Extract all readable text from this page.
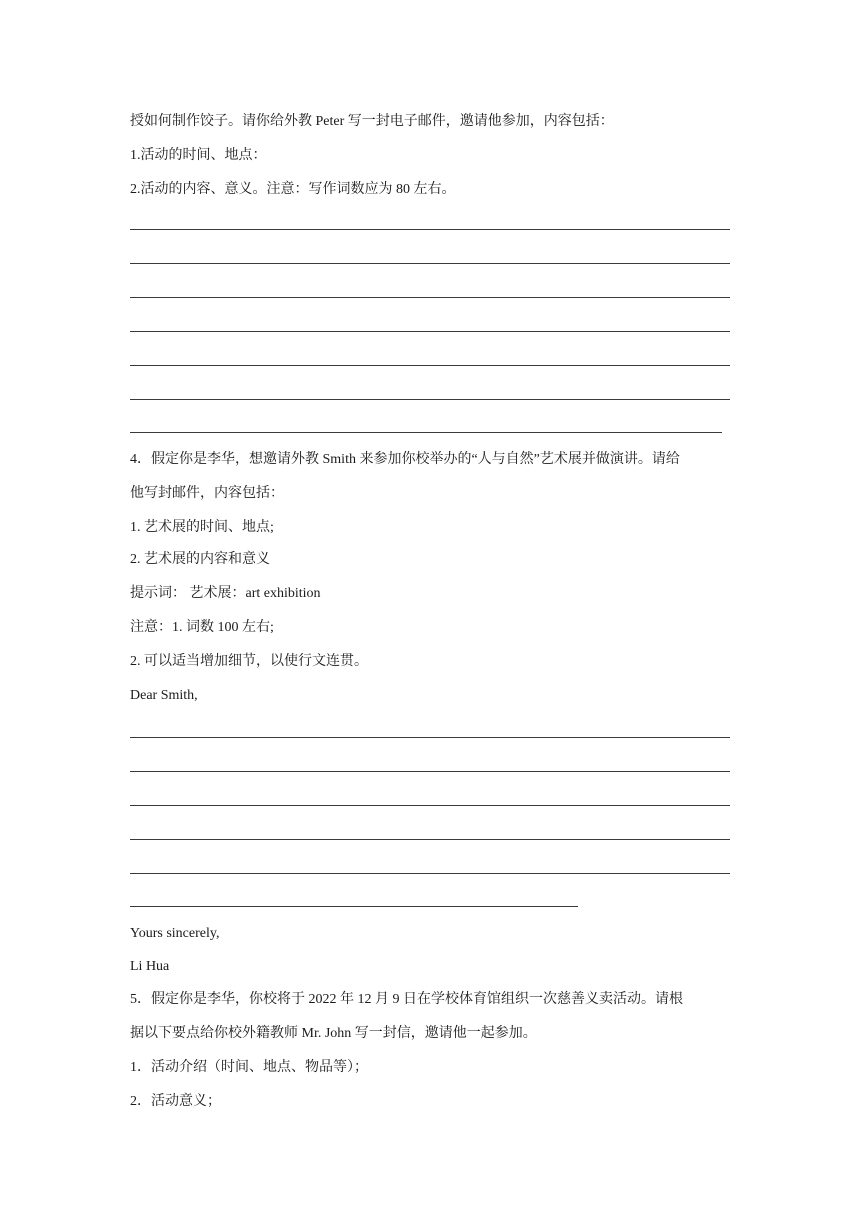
授如何制作饺子。请你给外教 Peter 写一封电子邮件，邀请他参加，内容包括：
1.活动的时间、地点：
2.活动的内容、意义。注意：写作词数应为 80 左右。
4．假定你是李华，想邀请外教 Smith 来参加你校举办的“人与自然”艺术展并做演讲。请给
他写封邮件，内容包括：
1. 艺术展的时间、地点;
2. 艺术展的内容和意义
提示词： 艺术展：art exhibition
注意：1. 词数 100 左右;
2. 可以适当增加细节，以使行文连贯。
Dear Smith,
Yours sincerely,
Li Hua
5．假定你是李华，你校将于 2022 年 12 月 9 日在学校体育馆组织一次慈善义卖活动。请根
据以下要点给你校外籍教师 Mr. John 写一封信，邀请他一起参加。
1．活动介绍（时间、地点、物品等）；
2．活动意义；
